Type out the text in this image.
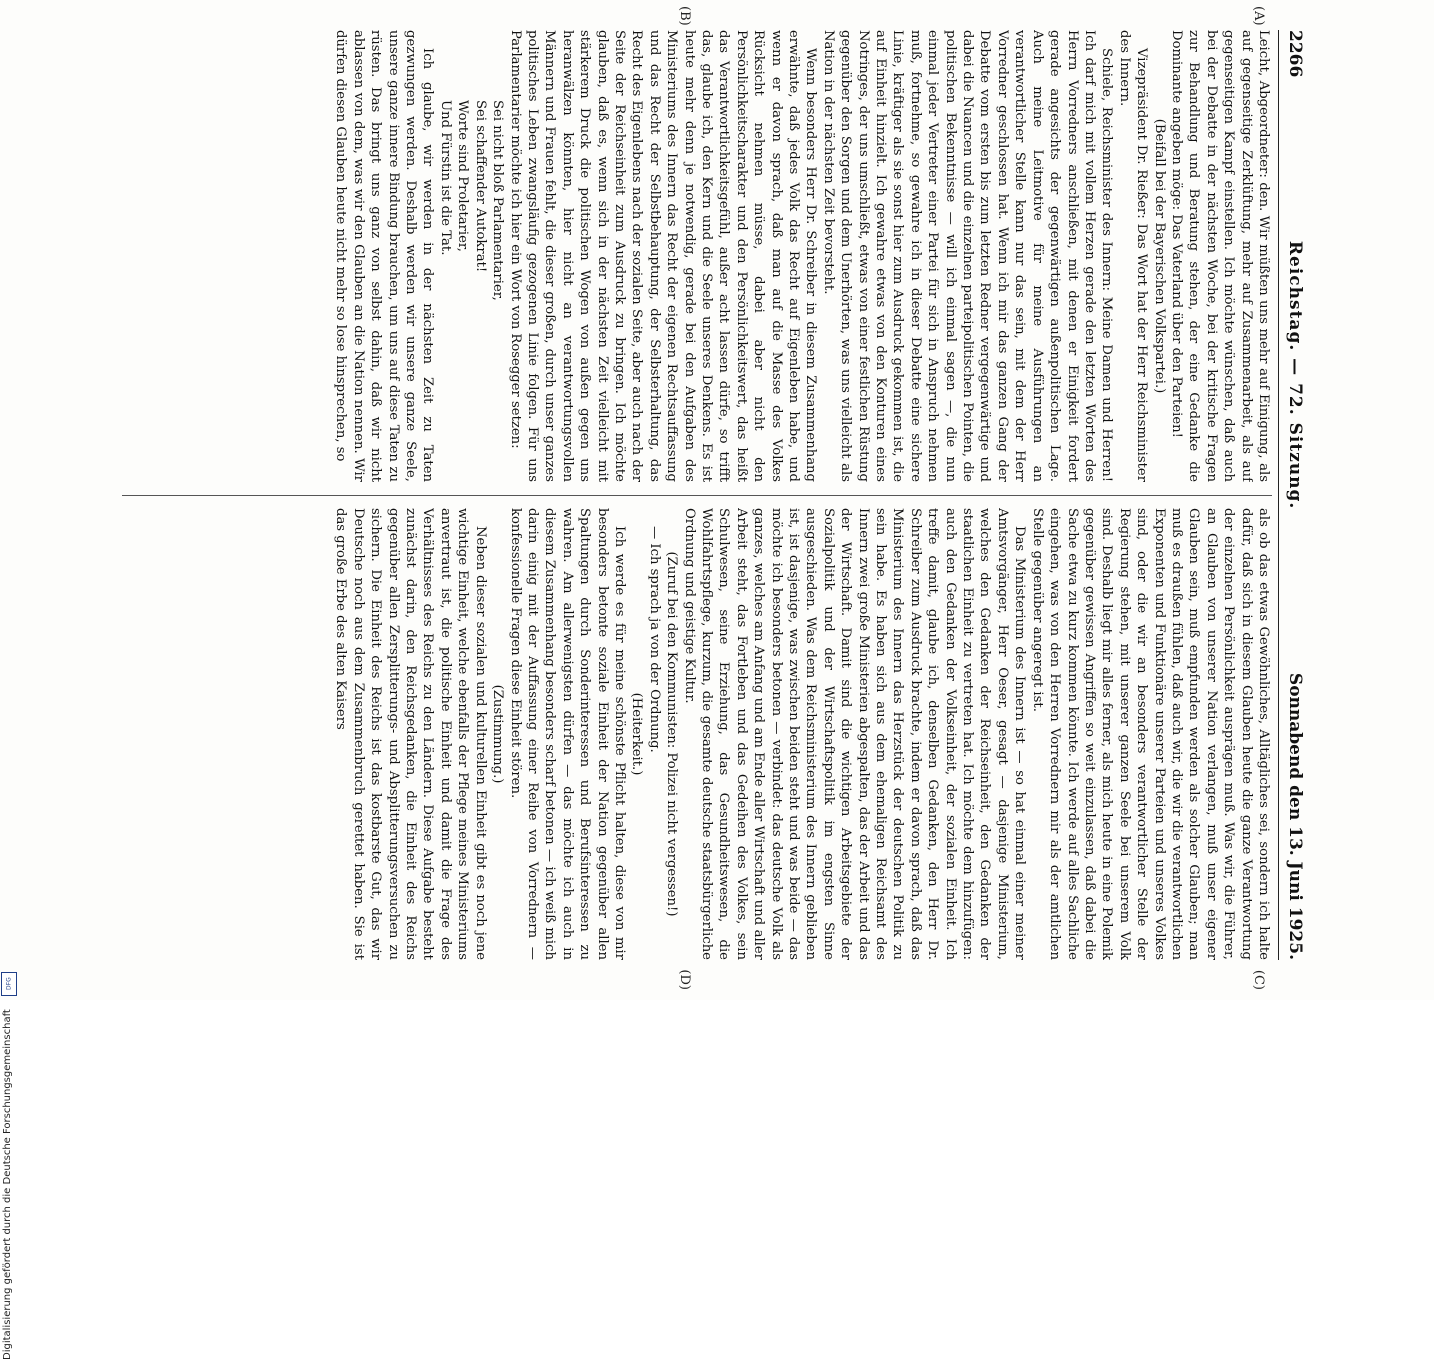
2266
Reichstag. — 72. Sitzung.
Sonnabend den 13. Juni 1925.
(A)
(B)
(C)
(D)

Leicht, Abgeordneter: den. Wir müßten uns mehr auf Einigung, als auf gegenseitige Zerklüftung, mehr auf Zusammenarbeit, als auf gegenseitigen Kampf einstellen. Ich möchte wünschen, daß auch bei der Debatte in der nächsten Woche, bei der kritische Fragen zur Behandlung und Beratung stehen, der eine Gedanke die Dominante angeben möge: Das Vaterland über den Parteien!

(Beifall bei der Bayerischen Volkspartei.)

Vizepräsident Dr. Rießer: Das Wort hat der Herr Reichsminister des Innern.

Schiele, Reichsminister des Innern: Meine Damen und Herren! Ich darf mich mit vollem Herzen gerade den letzten Worten des Herrn Vorredners anschließen, mit denen er Einigkeit fordert gerade angesichts der gegenwärtigen außenpolitischen Lage. Auch meine Leitmotive für meine Ausführungen an verantwortlicher Stelle kann nur das sein, mit dem der Herr Vorredner geschlossen hat. Wenn ich mir das ganzen Gang der Debatte vom ersten bis zum letzten Redner vergegenwärtige und dabei die Nuancen und die einzelnen parteipolitischen Pointen, die politischen Bekenntnisse — will ich einmal sagen —, die nun einmal jeder Vertreter einer Partei für sich in Anspruch nehmen muß, fortnehme, so gewahre ich in dieser Debatte eine sichere Linie, kräftiger als sie sonst hier zum Ausdruck gekommen ist, die auf Einheit hinzielt. Ich gewahre etwas von den Konturen eines Notringes, der uns umschließt, etwas von einer festlichen Rüstung gegenüber den Sorgen und dem Unerhörten, was uns vielleicht als Nation in der nächsten Zeit bevorsteht.

Wenn besonders Herr Dr. Schreiber in diesem Zusammenhang erwähnte, daß jedes Volk das Recht auf Eigenleben habe, und wenn er davon sprach, daß man auf die Masse des Volkes Rücksicht nehmen müsse, dabei aber nicht den Persönlichkeitscharakter und den Persönlichkeitswert, das heißt das Verantwortlichkeitsgefühl, außer acht lassen dürfe, so trifft das, glaube ich, den Kern und die Seele unseres Denkens. Es ist heute mehr denn je notwendig, gerade bei den Aufgaben des Ministeriums des Innern das Recht der eigenen Rechtsauffassung und das Recht der Selbstbehauptung, der Selbsterhaltung, das Recht des Eigenlebens nach der sozialen Seite, aber auch nach der Seite der Reichseinheit zum Ausdruck zu bringen. Ich möchte glauben, daß es, wenn sich in der nächsten Zeit vielleicht mit stärkerem Druck die politischen Wogen von außen gegen uns heranwälzen könnten, hier nicht an verantwortungsvollen Männern und Frauen fehlt, die dieser großen, durch unser ganzes politisches Leben zwangsläufig gezogenen Linie folgen. Für uns Parlamentarier möchte ich hier ein Wort von Rosegger setzen:

Sei nicht bloß Parlamentarier,

Sei schaffender Autokrat!

Worte sind Proletarier,

Und Fürstin ist die Tat.

Ich glaube, wir werden in der nächsten Zeit zu Taten gezwungen werden. Deshalb werden wir unsere ganze Seele, unsere ganze innere Bindung brauchen, um uns auf diese Taten zu rüsten. Das bringt uns ganz von selbst dahin, daß wir nicht ablassen von dem, was wir den Glauben an die Nation nennen. Wir dürfen diesen Glauben heute nicht mehr so lose hinsprechen, so

als ob das etwas Gewöhnliches, Alltägliches sei, sondern ich halte dafür, daß sich in diesem Glauben heute die ganze Verantwortung der einzelnen Persönlichkeit ausprägen muß. Was wir, die Führer, an Glauben von unserer Nation verlangen, muß unser eigener Glauben sein, muß empfunden werden als solcher Glauben; man muß es draußen fühlen, daß auch wir, die wir die verantwortlichen Exponenten und Funktionäre unserer Parteien und unseres Volkes sind, oder die wir an besonders verantwortlicher Stelle der Regierung stehen, mit unserer ganzen Seele bei unserem Volk sind. Deshalb liegt mir alles ferner, als mich heute in eine Polemik gegenüber gewissen Angriffen so weit einzulassen, daß dabei die Sache etwa zu kurz kommen könnte. Ich werde auf alles Sachliche eingehen, was von den Herren Vorrednern mir als der amtlichen Stelle gegenüber angeregt ist.

Das Ministerium des Innern ist — so hat einmal einer meiner Amtsvorgänger, Herr Oeser, gesagt — dasjenige Ministerium, welches den Gedanken der Reichseinheit, den Gedanken der staatlichen Einheit zu vertreten hat. Ich möchte dem hinzufügen: auch den Gedanken der Volkseinheit, der sozialen Einheit. Ich treffe damit, glaube ich, denselben Gedanken, den Herr Dr. Schreiber zum Ausdruck brachte, indem er davon sprach, daß das Ministerium des Innern das Herzstück der deutschen Politik zu sein habe. Es haben sich aus dem ehemaligen Reichsamt des Innern zwei große Ministerien abgespalten, das der Arbeit und das der Wirtschaft. Damit sind die wichtigen Arbeitsgebiete der Sozialpolitik und der Wirtschaftspolitik im engsten Sinne ausgeschieden. Was dem Reichsministerium des Innern geblieben ist, ist dasjenige, was zwischen beiden steht und was beide — das möchte ich besonders betonen — verbindet: das deutsche Volk als ganzes, welches am Anfang und am Ende aller Wirtschaft und aller Arbeit steht, das Fortleben und das Gedeihen des Volkes, sein Schulwesen, seine Erziehung, das Gesundheitswesen, die Wohlfahrtspflege, kurzum, die gesamte deutsche staatsbürgerliche Ordnung und geistige Kultur.

(Zuruf bei den Kommunisten: Polizei nicht vergessen!)

— Ich sprach ja von der Ordnung.

(Heiterkeit.)

Ich werde es für meine schönste Pflicht halten, diese von mir besonders betonte soziale Einheit der Nation gegenüber allen Spaltungen durch Sonderinteressen und Berufsinteressen zu wahren. Am allerwenigsten dürfen — das möchte ich auch in diesem Zusammenhang besonders scharf betonen — ich weiß mich darin einig mit der Auffassung einer Reihe von Vorrednern — konfessionelle Fragen diese Einheit stören.

(Zustimmung.)

Neben dieser sozialen und kulturellen Einheit gibt es noch jene wichtige Einheit, welche ebenfalls der Pflege meines Ministeriums anvertraut ist, die politische Einheit und damit die Frage des Verhältnisses des Reichs zu den Ländern. Diese Aufgabe besteht zunächst darin, den Reichsgedanken, die Einheit des Reichs gegenüber allen Zersplitterungs- und Absplitterungsversuchen zu sichern. Die Einheit des Reichs ist das kostbarste Gut, das wir Deutsche noch aus dem Zusammenbruch gerettet haben. Sie ist das große Erbe des alten Kaisers

Digitalisierung gefördert durch die Deutsche Forschungsgemeinschaft
DFG
